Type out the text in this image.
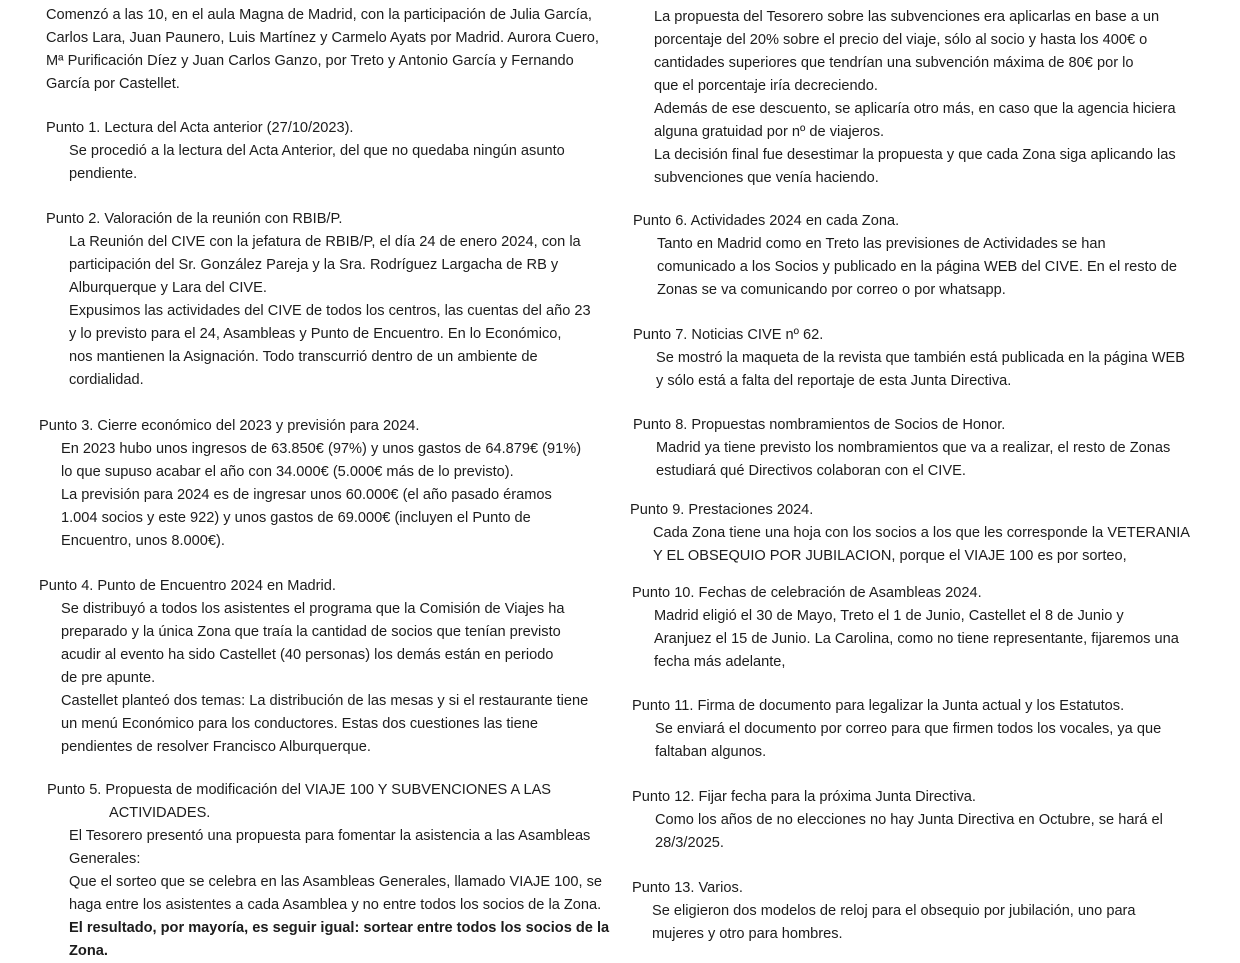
Comenzó a las 10, en el aula Magna de Madrid, con la participación de Julia García,

Carlos Lara, Juan Paunero, Luis Martínez y Carmelo Ayats por Madrid. Aurora Cuero,

Mª Purificación Díez y Juan Carlos Ganzo, por Treto y Antonio García y Fernando

García por Castellet.

Punto 1. Lectura del Acta anterior (27/10/2023).

Se procedió a la lectura del Acta Anterior, del que no quedaba ningún asunto

pendiente.

Punto 2. Valoración de la reunión con RBIB/P.

La Reunión del CIVE con la jefatura de RBIB/P, el día 24 de enero 2024, con la

participación del Sr. González Pareja y la Sra. Rodríguez Largacha de RB y

Alburquerque y Lara del CIVE.

Expusimos las actividades del CIVE de todos los centros, las cuentas del año 23

y lo previsto para el 24, Asambleas y Punto de Encuentro. En lo Económico,

nos mantienen la Asignación. Todo transcurrió dentro de un ambiente de

cordialidad.

Punto 3. Cierre económico del 2023 y previsión para 2024.

En 2023 hubo unos ingresos de 63.850€ (97%) y unos gastos de 64.879€ (91%)

lo que supuso acabar el año con 34.000€ (5.000€ más de lo previsto).

La previsión para 2024 es de ingresar unos 60.000€ (el año pasado éramos

1.004 socios y este 922) y unos gastos de 69.000€ (incluyen el Punto de

Encuentro, unos 8.000€).

Punto 4. Punto de Encuentro 2024 en Madrid.

Se distribuyó a todos los asistentes el programa que la Comisión de Viajes ha

preparado y la única Zona que traía la cantidad de socios que tenían previsto

acudir al evento ha sido Castellet (40 personas) los demás están en periodo

de pre apunte.

Castellet planteó dos temas: La distribución de las mesas y si el restaurante tiene

un menú Económico para los conductores. Estas dos cuestiones las tiene

pendientes de resolver Francisco Alburquerque.

Punto 5. Propuesta de modificación del VIAJE 100 Y SUBVENCIONES A LAS
ACTIVIDADES.

El Tesorero presentó una propuesta para fomentar la asistencia a las Asambleas

Generales:

Que el sorteo que se celebra en las Asambleas Generales, llamado VIAJE 100, se

haga entre los asistentes a cada Asamblea y no entre todos los socios de la Zona.

El resultado, por mayoría, es seguir igual: sortear entre todos los socios de la

Zona.

La propuesta del Tesorero sobre las subvenciones era aplicarlas en base a un

porcentaje del 20% sobre el precio del viaje, sólo al socio y hasta los 400€ o

cantidades superiores que tendrían una subvención máxima de 80€ por lo

que el porcentaje iría decreciendo.

Además de ese descuento, se aplicaría otro más, en caso que la agencia hiciera

alguna gratuidad por nº de viajeros.

La decisión final fue desestimar la propuesta y que cada Zona siga aplicando las

subvenciones que venía haciendo.

Punto 6. Actividades 2024 en cada Zona.

Tanto en Madrid como en Treto las previsiones de Actividades se han

comunicado a los Socios y publicado en la página WEB del CIVE. En el resto de

Zonas se va comunicando por correo o por whatsapp.

Punto 7. Noticias CIVE nº 62.

Se mostró la maqueta de la revista que también está publicada en la página WEB

y sólo está a falta del reportaje de esta Junta Directiva.

Punto 8. Propuestas nombramientos de Socios de Honor.

Madrid ya tiene previsto los nombramientos que va a realizar, el resto de Zonas

estudiará qué Directivos colaboran con el CIVE.

Punto 9. Prestaciones 2024.

Cada Zona tiene una hoja con los socios a los que les corresponde la VETERANIA

Y EL OBSEQUIO POR JUBILACION, porque el VIAJE 100 es por sorteo,

Punto 10. Fechas de celebración de Asambleas 2024.

Madrid eligió el 30 de Mayo, Treto el 1 de Junio, Castellet el 8 de Junio y

Aranjuez el 15 de Junio. La Carolina, como no tiene representante, fijaremos una

fecha más adelante,

Punto 11. Firma de documento para legalizar la Junta actual y los Estatutos.

Se enviará el documento por correo para que firmen todos los vocales, ya que

faltaban algunos.

Punto 12. Fijar fecha para la próxima Junta Directiva.

Como los años de no elecciones no hay Junta Directiva en Octubre, se hará el

28/3/2025.

Punto 13. Varios.

Se eligieron dos modelos de reloj para el obsequio por jubilación, uno para

mujeres y otro para hombres.
